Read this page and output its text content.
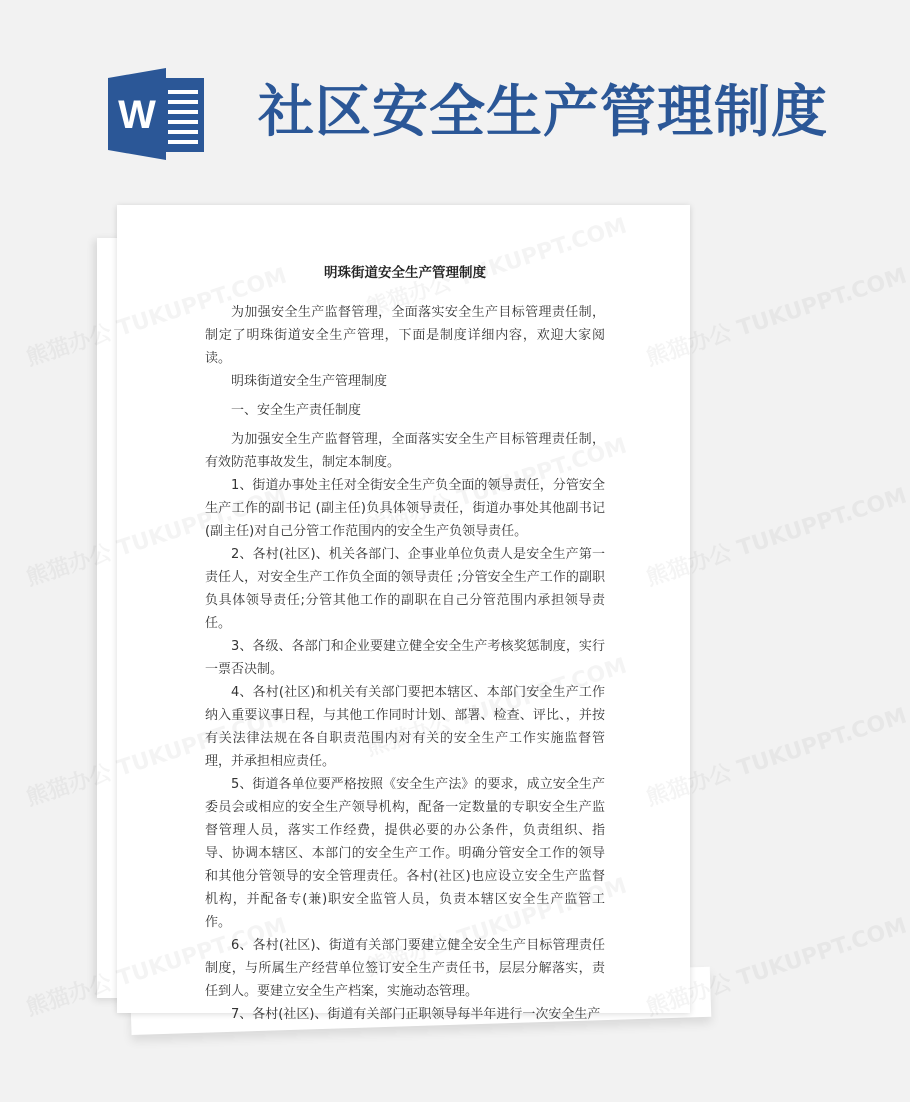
W 社区安全生产管理制度
明珠街道安全生产管理制度

为加强安全生产监督管理，全面落实安全生产目标管理责任制，制定了明珠街道安全生产管理，下面是制度详细内容，欢迎大家阅读。

明珠街道安全生产管理制度

一、安全生产责任制度

为加强安全生产监督管理，全面落实安全生产目标管理责任制，有效防范事故发生，制定本制度。

1、街道办事处主任对全街安全生产负全面的领导责任，分管安全生产工作的副书记 (副主任)负具体领导责任，街道办事处其他副书记(副主任)对自己分管工作范围内的安全生产负领导责任。

2、各村(社区)、机关各部门、企事业单位负责人是安全生产第一责任人，对安全生产工作负全面的领导责任 ;分管安全生产工作的副职负具体领导责任;分管其他工作的副职在自己分管范围内承担领导责任。

3、各级、各部门和企业要建立健全安全生产考核奖惩制度，实行一票否决制。

4、各村(社区)和机关有关部门要把本辖区、本部门安全生产工作纳入重要议事日程，与其他工作同时计划、部署、检查、评比、，并按有关法律法规在各自职责范围内对有关的安全生产工作实施监督管理，并承担相应责任。

5、街道各单位要严格按照《安全生产法》的要求，成立安全生产委员会或相应的安全生产领导机构，配备一定数量的专职安全生产监督管理人员，落实工作经费，提供必要的办公条件，负责组织、指导、协调本辖区、本部门的安全生产工作。明确分管安全工作的领导和其他分管领导的安全管理责任。各村(社区)也应设立安全生产监督机构，并配备专(兼)职安全监管人员，负责本辖区安全生产监管工作。

6、各村(社区)、街道有关部门要建立健全安全生产目标管理责任制度，与所属生产经营单位签订安全生产责任书，层层分解落实，责任到人。要建立安全生产档案，实施动态管理。

7、各村(社区)、街道有关部门正职领导每半年进行一次安全生产
